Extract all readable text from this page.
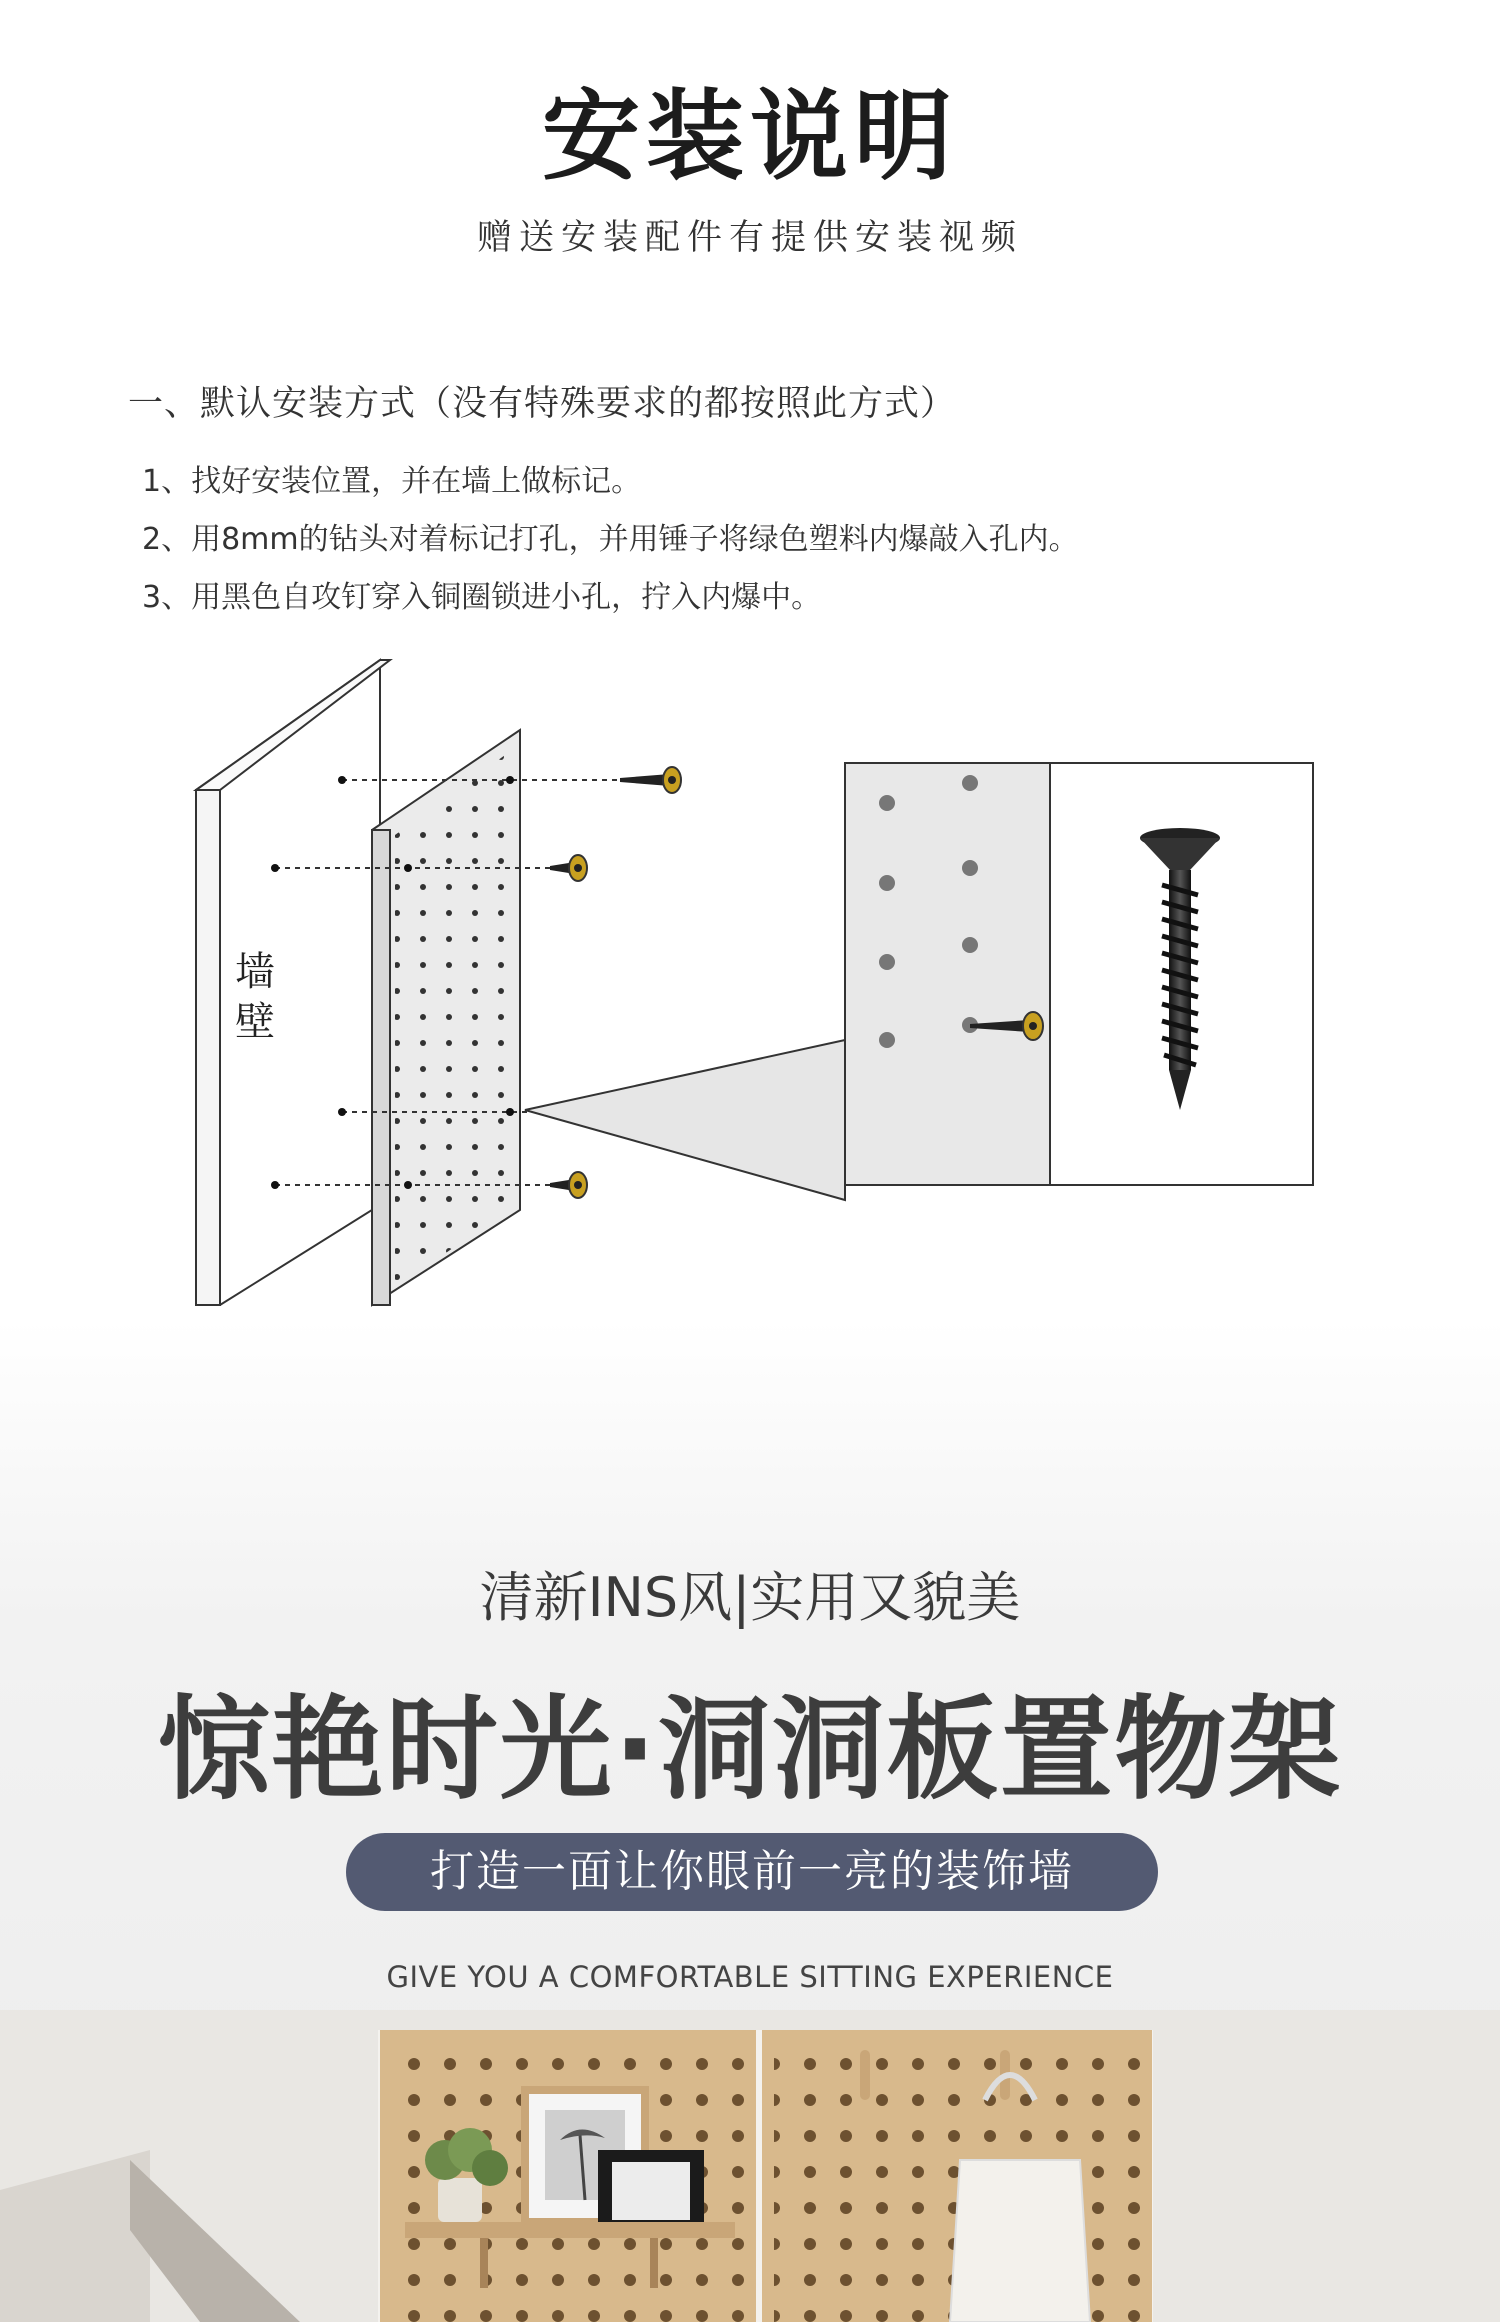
安装说明
赠送安装配件有提供安装视频
一、默认安装方式（没有特殊要求的都按照此方式）
1、找好安装位置，并在墙上做标记。
2、用8mm的钻头对着标记打孔，并用锤子将绿色塑料内爆敲入孔内。
3、用黑色自攻钉穿入铜圈锁进小孔，拧入内爆中。
墙
壁
清新INS风|实用又貌美
惊艳时光·洞洞板置物架
打造一面让你眼前一亮的装饰墙
GIVE YOU A COMFORTABLE SITTING EXPERIENCE
